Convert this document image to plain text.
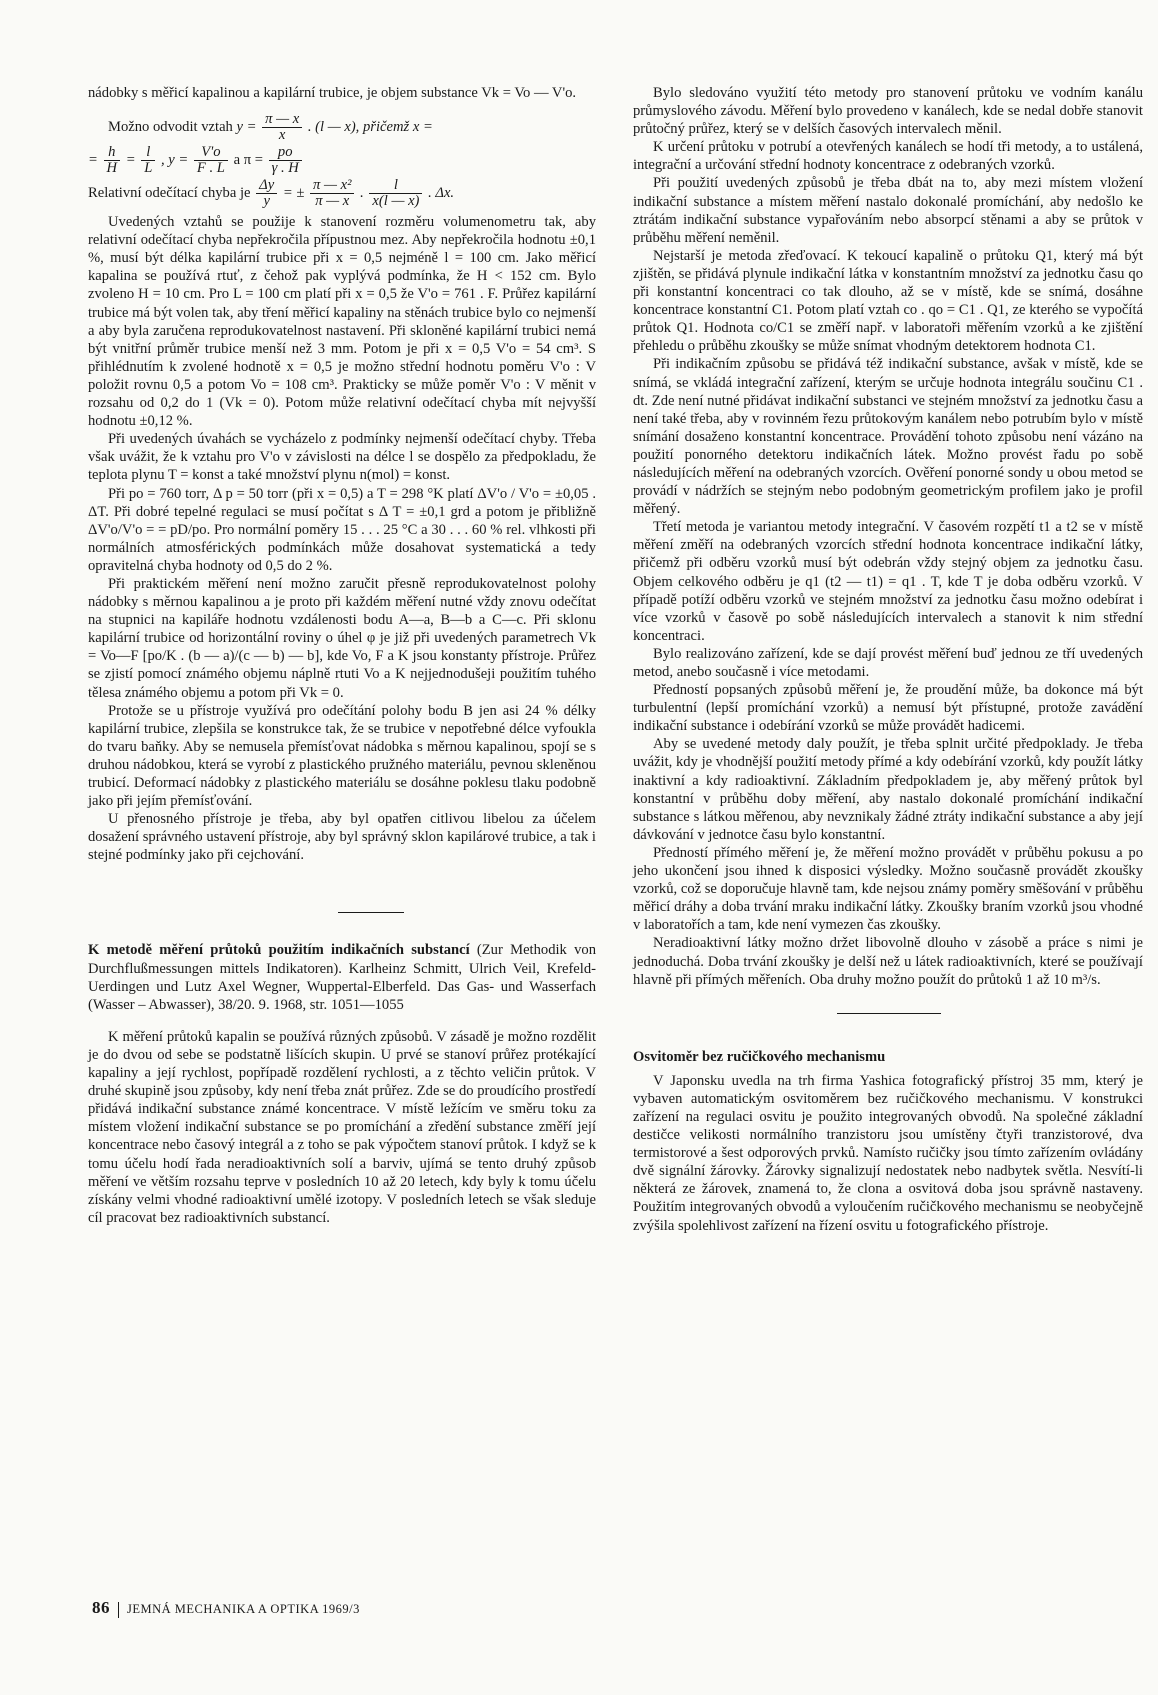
nádobky s měřicí kapalinou a kapilární trubice, je objem substance Vk = Vo — V'o.

Možno odvodit vztah $y = \frac{\pi — x}{x}$ . (l — x), přičemž x =
= $\frac{h}{H} = \frac{l}{L}$ , $y = \frac{V'o}{F . L}$ a $\pi = \frac{po}{\gamma . H}$
Relativní odečítací chyba je $\frac{\Delta y}{y}$ = ± $\frac{\text{π — x²}}{\pi — x}$ . $\frac{l}{x(l — x)}$ . Δx.

Uvedených vztahů se použije k stanovení rozměru volumenometru tak, aby relativní odečítací chyba nepřekročila přípustnou mez. Aby nepřekročila hodnotu ±0,1 %, musí být délka kapilární trubice při x = 0,5 nejméně l = 100 cm. Jako měřicí kapalina se používá rtuť, z čehož pak vyplývá podmínka, že H < 152 cm. Bylo zvoleno H = 10 cm. Pro L = 100 cm platí při x = 0,5 že V'o = 761 . F. Průřez kapilární trubice má být volen tak, aby tření měřicí kapaliny na stěnách trubice bylo co nejmenší a aby byla zaručena reprodukovatelnost nastavení. Při skloněné kapilární trubici nemá být vnitřní průměr trubice menší než 3 mm. Potom je při x = 0,5 V'o = 54 cm³. S přihlédnutím k zvolené hodnotě x = 0,5 je možno střední hodnotu poměru V'o : V položit rovnu 0,5 a potom Vo = 108 cm³. Prakticky se může poměr V'o : V měnit v rozsahu od 0,2 do 1 (Vk = 0). Potom může relativní odečítací chyba mít nejvyšší hodnotu ±0,12 %.

Při uvedených úvahách se vycházelo z podmínky nejmenší odečítací chyby. Třeba však uvážit, že k vztahu pro V'o v závislosti na délce l se dospělo za předpokladu, že teplota plynu T = konst a také množství plynu n(mol) = konst.

Při po = 760 torr, Δ p = 50 torr (při x = 0,5) a T = 298 °K platí ΔV'o / V'o = ±0,05 . ΔT. Při dobré tepelné regulaci se musí počítat s Δ T = ±0,1 grd a potom je přibližně ΔV'o/V'o = = pD/po. Pro normální poměry 15 . . . 25 °C a 30 . . . 60 % rel. vlhkosti při normálních atmosférických podmínkách může dosahovat systematická a tedy opravitelná chyba hodnoty od 0,5 do 2 %.

Při praktickém měření není možno zaručit přesně reprodukovatelnost polohy nádobky s měrnou kapalinou a je proto při každém měření nutné vždy znovu odečítat na stupnici na kapiláře hodnotu vzdálenosti bodu A—a, B—b a C—c. Při sklonu kapilární trubice od horizontální roviny o úhel φ je již při uvedených parametrech Vk = Vo—F [po/K . (b — a)/(c — b) — b], kde Vo, F a K jsou konstanty přístroje. Průřez se zjistí pomocí známého objemu náplně rtuti Vo a K nejjednodušeji použitím tuhého tělesa známého objemu a potom při Vk = 0.

Protože se u přístroje využívá pro odečítání polohy bodu B jen asi 24 % délky kapilární trubice, zlepšila se konstrukce tak, že se trubice v nepotřebné délce vyfoukla do tvaru baňky. Aby se nemusela přemísťovat nádobka s měrnou kapalinou, spojí se s druhou nádobkou, která se vyrobí z plastického pružného materiálu, pevnou skleněnou trubicí. Deformací nádobky z plastického materiálu se dosáhne poklesu tlaku podobně jako při jejím přemísťování.

U přenosného přístroje je třeba, aby byl opatřen citlivou libelou za účelem dosažení správného ustavení přístroje, aby byl správný sklon kapilárové trubice, a tak i stejné podmínky jako při cejchování.

K metodě měření průtoků použitím indikačních substancí (Zur Methodik von Durchflußmessungen mittels Indikatoren). Karlheinz Schmitt, Ulrich Veil, Krefeld-Uerdingen und Lutz Axel Wegner, Wuppertal-Elberfeld. Das Gas- und Wasserfach (Wasser – Abwasser), 38/20. 9. 1968, str. 1051—1055

K měření průtoků kapalin se používá různých způsobů. V zásadě je možno rozdělit je do dvou od sebe se podstatně lišících skupin. U prvé se stanoví průřez protékající kapaliny a její rychlost, popřípadě rozdělení rychlosti, a z těchto veličin průtok. V druhé skupině jsou způsoby, kdy není třeba znát průřez. Zde se do proudícího prostředí přidává indikační substance známé koncentrace. V místě ležícím ve směru toku za místem vložení indikační substance se po promíchání a zředění substance změří její koncentrace nebo časový integrál a z toho se pak výpočtem stanoví průtok. I když se k tomu účelu hodí řada neradioaktivních solí a barviv, ujímá se tento druhý způsob měření ve větším rozsahu teprve v posledních 10 až 20 letech, kdy byly k tomu účelu získány velmi vhodné radioaktivní umělé izotopy. V posledních letech se však sleduje cíl pracovat bez radioaktivních substancí.

Bylo sledováno využití této metody pro stanovení průtoku ve vodním kanálu průmyslového závodu. Měření bylo provedeno v kanálech, kde se nedal dobře stanovit průtočný průřez, který se v delších časových intervalech měnil.

K určení průtoku v potrubí a otevřených kanálech se hodí tři metody, a to ustálená, integrační a určování střední hodnoty koncentrace z odebraných vzorků.

Při použití uvedených způsobů je třeba dbát na to, aby mezi místem vložení indikační substance a místem měření nastalo dokonalé promíchání, aby nedošlo ke ztrátám indikační substance vypařováním nebo absorpcí stěnami a aby se průtok v průběhu měření neměnil.

Nejstarší je metoda zřeďovací. K tekoucí kapalině o průtoku Q1, který má být zjištěn, se přidává plynule indikační látka v konstantním množství za jednotku času qo při konstantní koncentraci co tak dlouho, až se v místě, kde se snímá, dosáhne koncentrace konstantní C1. Potom platí vztah co . qo = C1 . Q1, ze kterého se vypočítá průtok Q1. Hodnota co/C1 se změří např. v laboratoři měřením vzorků a ke zjištění přehledu o průběhu zkoušky se může snímat vhodným detektorem hodnota C1.

Při indikačním způsobu se přidává též indikační substance, avšak v místě, kde se snímá, se vkládá integrační zařízení, kterým se určuje hodnota integrálu součinu C1 . dt. Zde není nutné přidávat indikační substanci ve stejném množství za jednotku času a není také třeba, aby v rovinném řezu průtokovým kanálem nebo potrubím bylo v místě snímání dosaženo konstantní koncentrace. Provádění tohoto způsobu není vázáno na použití ponorného detektoru indikačních látek. Možno provést řadu po sobě následujících měření na odebraných vzorcích. Ověření ponorné sondy u obou metod se provádí v nádržích se stejným nebo podobným geometrickým profilem jako je profil měřený.

Třetí metoda je variantou metody integrační. V časovém rozpětí t1 a t2 se v místě měření změří na odebraných vzorcích střední hodnota koncentrace indikační látky, přičemž při odběru vzorků musí být odebrán vždy stejný objem za jednotku času. Objem celkového odběru je q1 (t2 — t1) = q1 . T, kde T je doba odběru vzorků. V případě potíží odběru vzorků ve stejném množství za jednotku času možno odebírat i více vzorků v časově po sobě následujících intervalech a stanovit k nim střední koncentraci.

Bylo realizováno zařízení, kde se dají provést měření buď jednou ze tří uvedených metod, anebo současně i více metodami.

Předností popsaných způsobů měření je, že proudění může, ba dokonce má být turbulentní (lepší promíchání vzorků) a nemusí být přístupné, protože zavádění indikační substance i odebírání vzorků se může provádět hadicemi.

Aby se uvedené metody daly použít, je třeba splnit určité předpoklady. Je třeba uvážit, kdy je vhodnější použití metody přímé a kdy odebírání vzorků, kdy použít látky inaktivní a kdy radioaktivní. Základním předpokladem je, aby měřený průtok byl konstantní v průběhu doby měření, aby nastalo dokonalé promíchání indikační substance s látkou měřenou, aby nevznikaly žádné ztráty indikační substance a aby její dávkování v jednotce času bylo konstantní.

Předností přímého měření je, že měření možno provádět v průběhu pokusu a po jeho ukončení jsou ihned k disposici výsledky. Možno současně provádět zkoušky vzorků, což se doporučuje hlavně tam, kde nejsou známy poměry směšování v průběhu měřicí dráhy a doba trvání mraku indikační látky. Zkoušky braním vzorků jsou vhodné v laboratořích a tam, kde není vymezen čas zkoušky.

Neradioaktivní látky možno držet libovolně dlouho v zásobě a práce s nimi je jednoduchá. Doba trvání zkoušky je delší než u látek radioaktivních, které se používají hlavně při přímých měřeních. Oba druhy možno použít do průtoků 1 až 10 m³/s.

Osvitoměr bez ručičkového mechanismu

V Japonsku uvedla na trh firma Yashica fotografický přístroj 35 mm, který je vybaven automatickým osvitoměrem bez ručičkového mechanismu. V konstrukci zařízení na regulaci osvitu je použito integrovaných obvodů. Na společné základní destičce velikosti normálního tranzistoru jsou umístěny čtyři tranzistorové, dva termistorové a šest odporových prvků. Namísto ručičky jsou tímto zařízením ovládány dvě signální žárovky. Žárovky signalizují nedostatek nebo nadbytek světla. Nesvítí-li některá ze žárovek, znamená to, že clona a osvitová doba jsou správně nastaveny. Použitím integrovaných obvodů a vyloučením ručičkového mechanismu se neobyčejně zvýšila spolehlivost zařízení na řízení osvitu u fotografického přístroje.

86 JEMNÁ MECHANIKA A OPTIKA 1969/3
